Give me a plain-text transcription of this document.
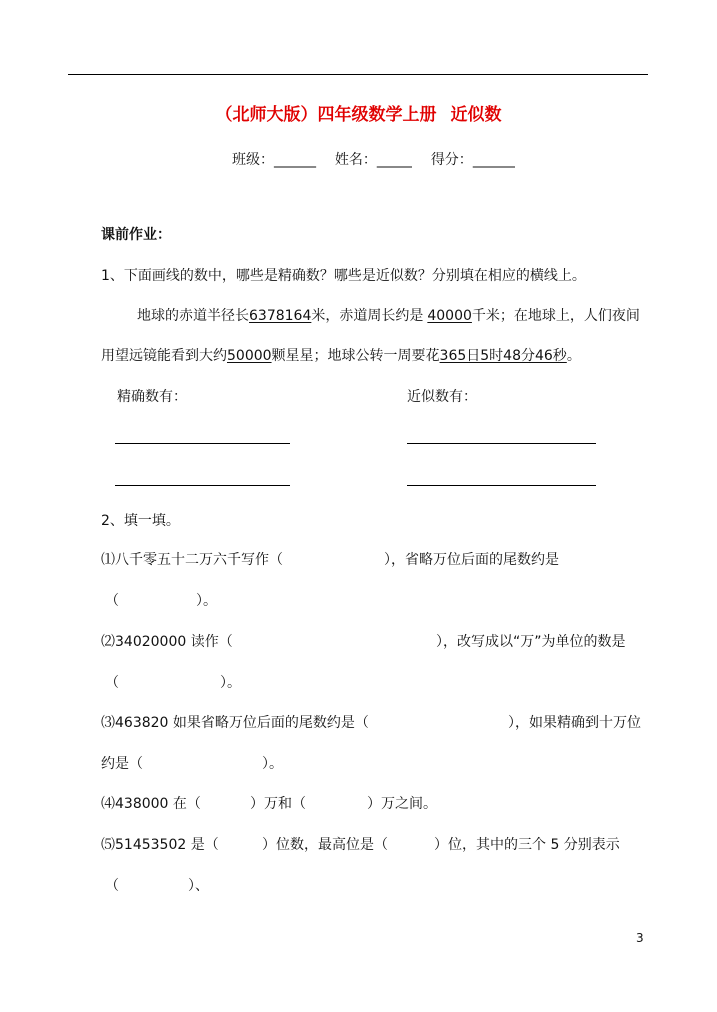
（北师大版）四年级数学上册 近似数
班级：______ 姓名：_____ 得分：______
课前作业：
1、下面画线的数中，哪些是精确数？哪些是近似数？分别填在相应的横线上。
地球的赤道半径长6378164米，赤道周长约是 40000千米；在地球上，人们夜间
用望远镜能看到大约50000颗星星；地球公转一周要花365日5时48分46秒。
精确数有：	近似数有：
2、填一填。
⑴八千零五十二万六千写作（	），省略万位后面的尾数约是
（	）。
⑵34020000 读作（	），改写成以“万”为单位的数是
（	）。
⑶463820 如果省略万位后面的尾数约是（	），如果精确到十万位
约是（	）。
⑷438000 在（	）万和（	）万之间。
⑸51453502 是（	）位数，最高位是（	）位，其中的三个 5 分别表示
（	）、
3
